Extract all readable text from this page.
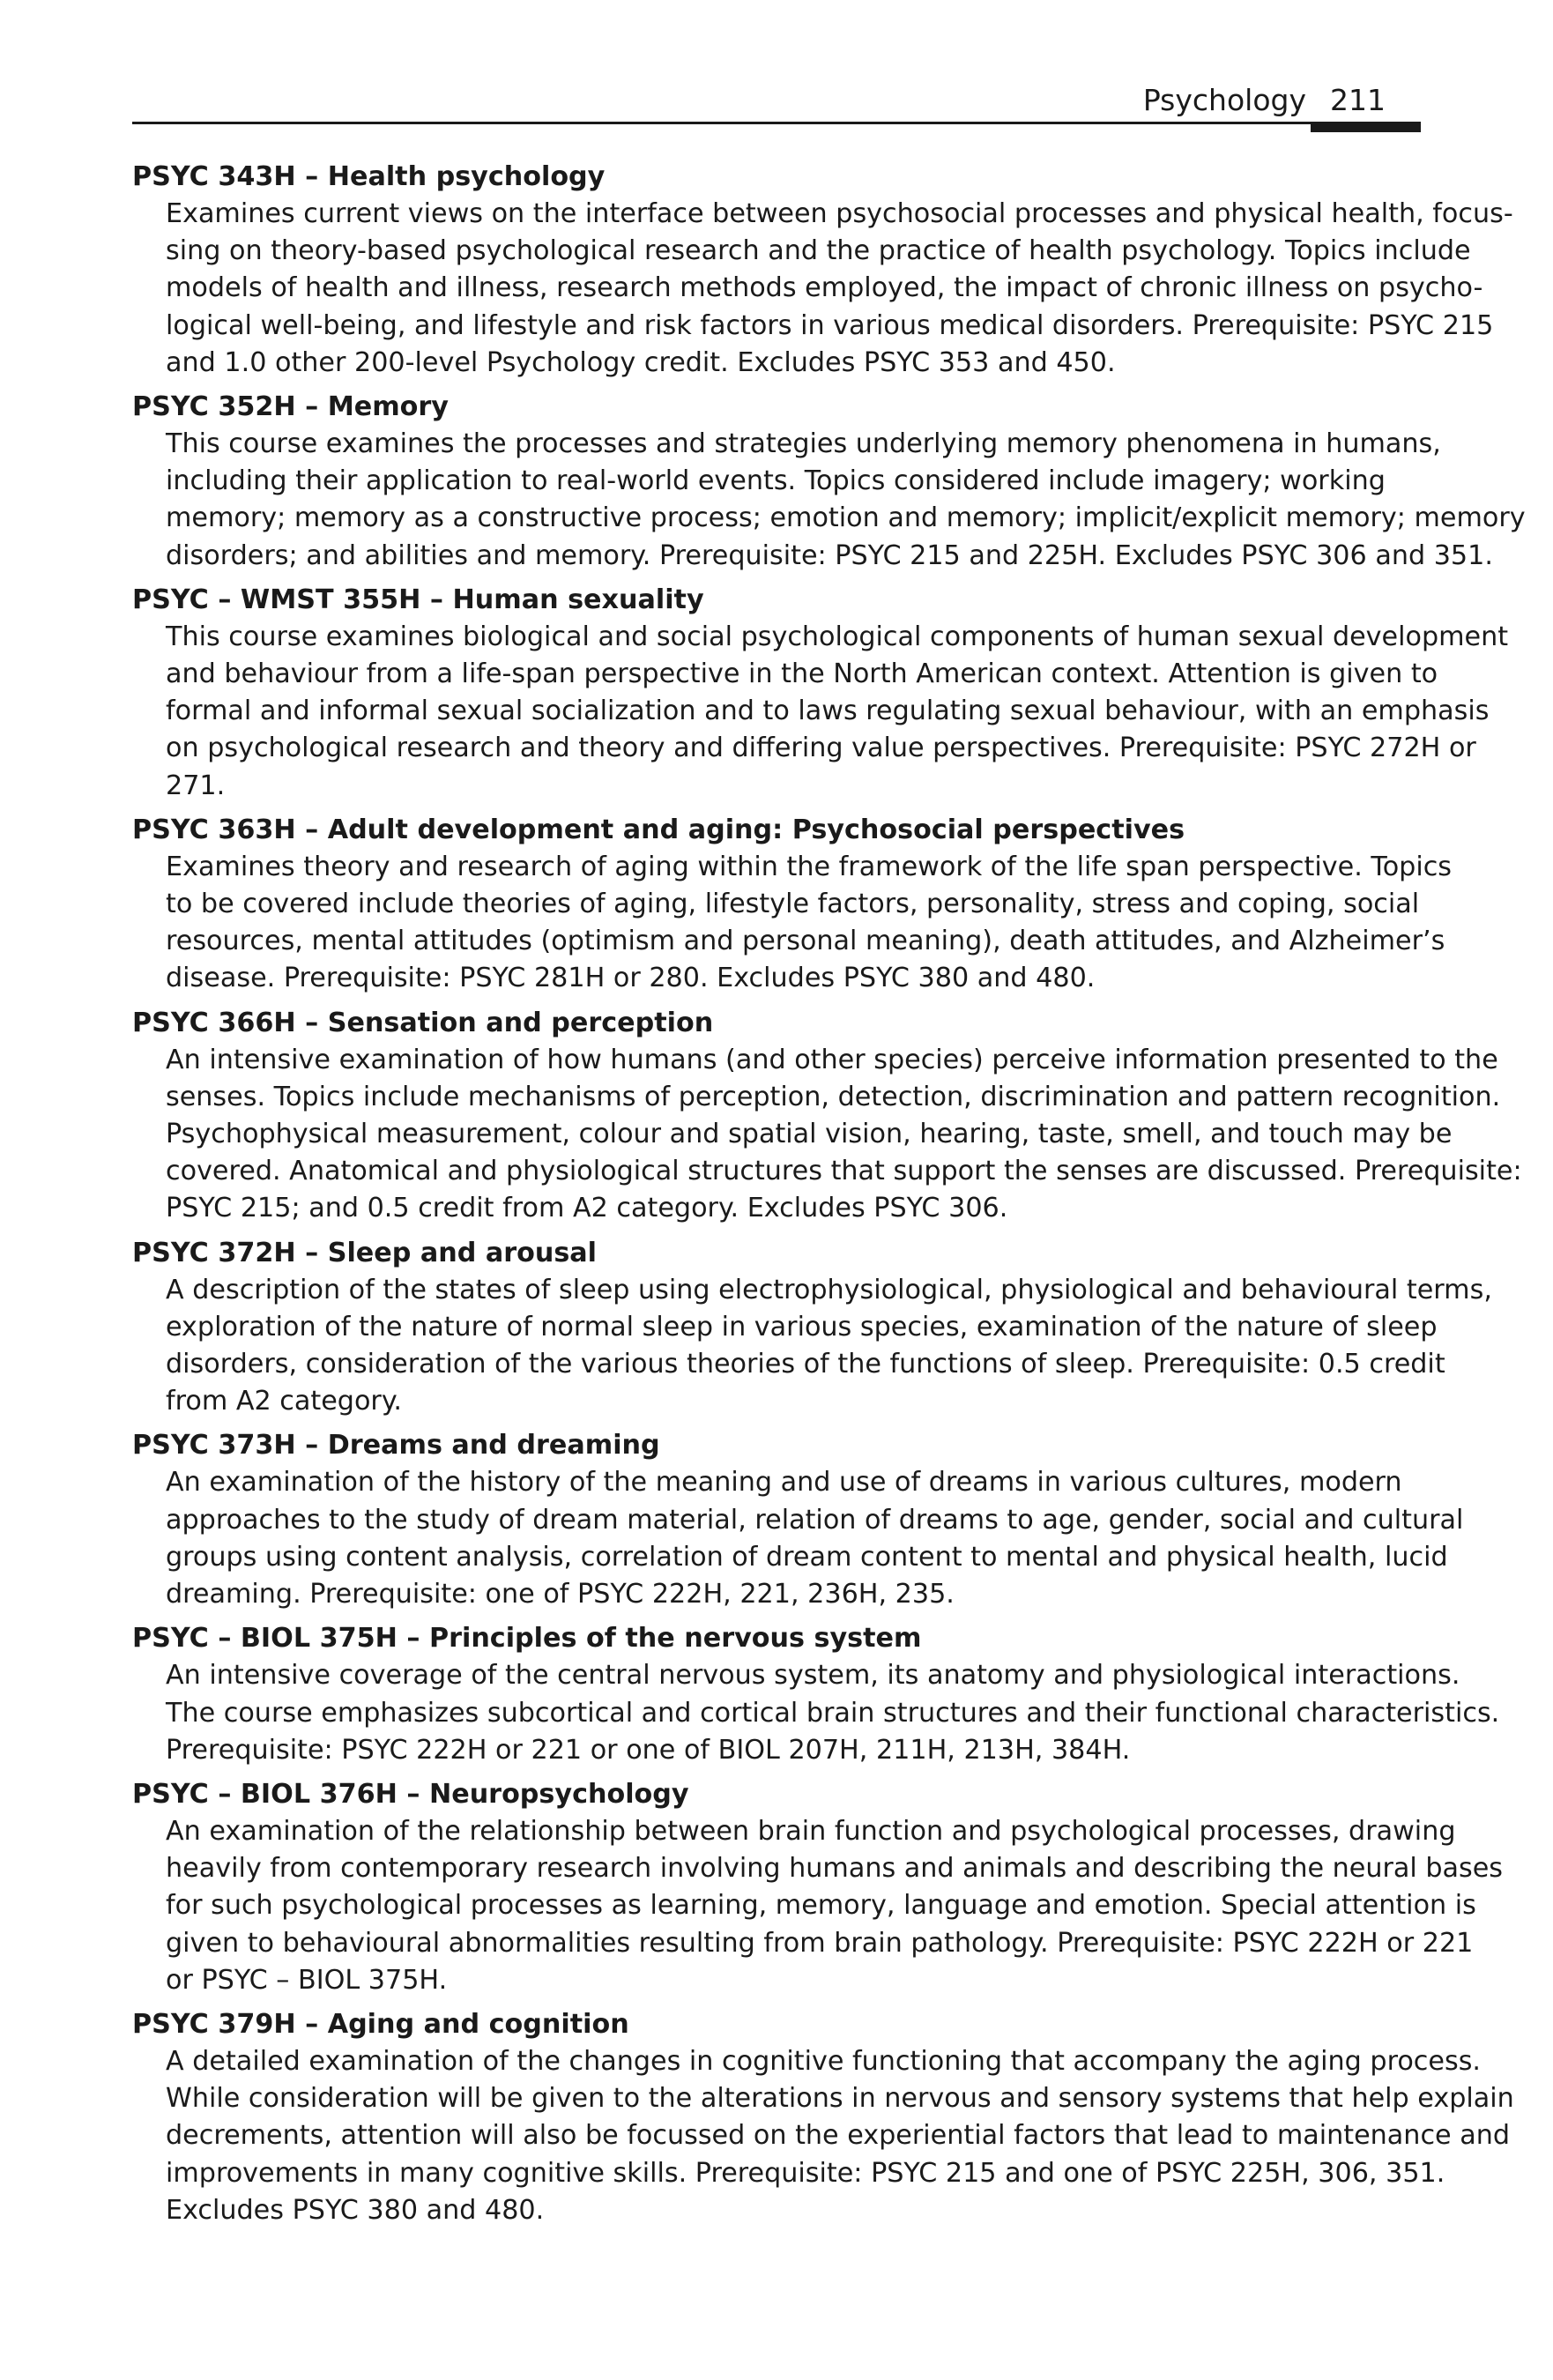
Psychology 211

PSYC 343H – Health psychology

Examines current views on the interface between psychosocial processes and physical health, focus-
sing on theory-based psychological research and the practice of health psychology. Topics include
models of health and illness, research methods employed, the impact of chronic illness on psycho-
logical well-being, and lifestyle and risk factors in various medical disorders. Prerequisite: PSYC 215
and 1.0 other 200-level Psychology credit. Excludes PSYC 353 and 450.

PSYC 352H – Memory

This course examines the processes and strategies underlying memory phenomena in humans,
including their application to real-world events. Topics considered include imagery; working
memory; memory as a constructive process; emotion and memory; implicit/explicit memory; memory
disorders; and abilities and memory. Prerequisite: PSYC 215 and 225H. Excludes PSYC 306 and 351.

PSYC – WMST 355H – Human sexuality

This course examines biological and social psychological components of human sexual development
and behaviour from a life-span perspective in the North American context. Attention is given to
formal and informal sexual socialization and to laws regulating sexual behaviour, with an emphasis
on psychological research and theory and differing value perspectives. Prerequisite: PSYC 272H or
271.

PSYC 363H – Adult development and aging: Psychosocial perspectives

Examines theory and research of aging within the framework of the life span perspective. Topics
to be covered include theories of aging, lifestyle factors, personality, stress and coping, social
resources, mental attitudes (optimism and personal meaning), death attitudes, and Alzheimer’s
disease. Prerequisite: PSYC 281H or 280. Excludes PSYC 380 and 480.

PSYC 366H – Sensation and perception

An intensive examination of how humans (and other species) perceive information presented to the
senses. Topics include mechanisms of perception, detection, discrimination and pattern recognition.
Psychophysical measurement, colour and spatial vision, hearing, taste, smell, and touch may be
covered. Anatomical and physiological structures that support the senses are discussed. Prerequisite:
PSYC 215; and 0.5 credit from A2 category. Excludes PSYC 306.

PSYC 372H – Sleep and arousal

A description of the states of sleep using electrophysiological, physiological and behavioural terms,
exploration of the nature of normal sleep in various species, examination of the nature of sleep
disorders, consideration of the various theories of the functions of sleep. Prerequisite: 0.5 credit
from A2 category.

PSYC 373H – Dreams and dreaming

An examination of the history of the meaning and use of dreams in various cultures, modern
approaches to the study of dream material, relation of dreams to age, gender, social and cultural
groups using content analysis, correlation of dream content to mental and physical health, lucid
dreaming. Prerequisite: one of PSYC 222H, 221, 236H, 235.

PSYC – BIOL 375H – Principles of the nervous system

An intensive coverage of the central nervous system, its anatomy and physiological interactions.
The course emphasizes subcortical and cortical brain structures and their functional characteristics.
Prerequisite: PSYC 222H or 221 or one of BIOL 207H, 211H, 213H, 384H.

PSYC – BIOL 376H – Neuropsychology

An examination of the relationship between brain function and psychological processes, drawing
heavily from contemporary research involving humans and animals and describing the neural bases
for such psychological processes as learning, memory, language and emotion. Special attention is
given to behavioural abnormalities resulting from brain pathology. Prerequisite: PSYC 222H or 221
or PSYC – BIOL 375H.

PSYC 379H – Aging and cognition

A detailed examination of the changes in cognitive functioning that accompany the aging process.
While consideration will be given to the alterations in nervous and sensory systems that help explain
decrements, attention will also be focussed on the experiential factors that lead to maintenance and
improvements in many cognitive skills. Prerequisite: PSYC 215 and one of PSYC 225H, 306, 351.
Excludes PSYC 380 and 480.
